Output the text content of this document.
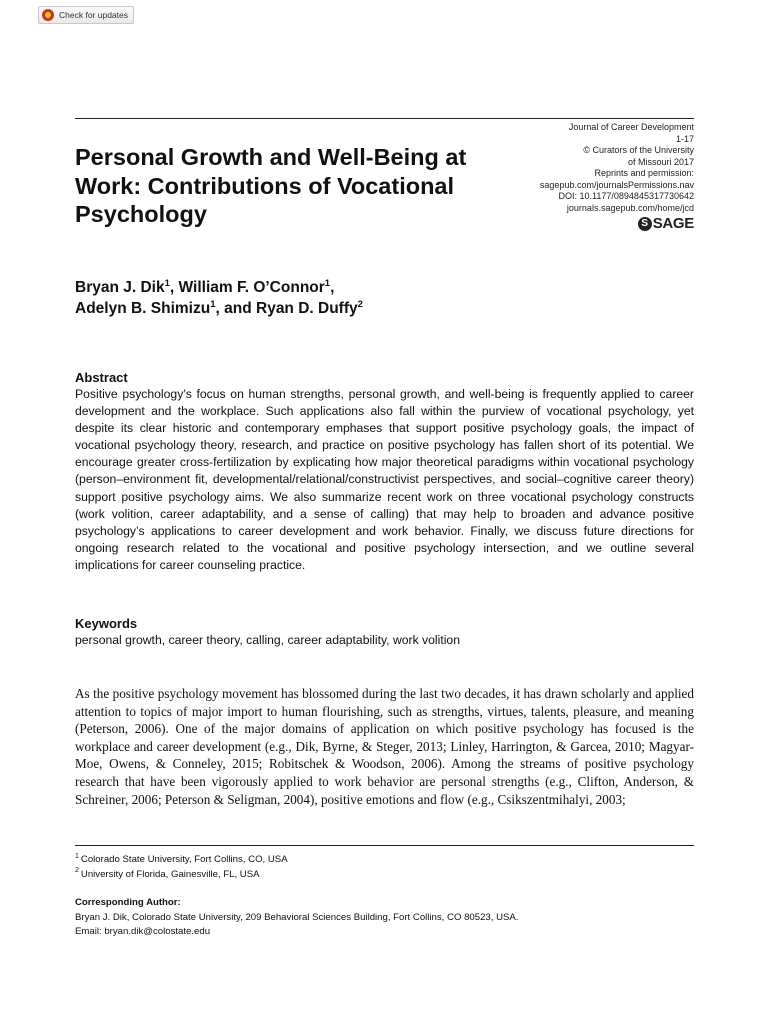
Check for updates
Personal Growth and Well-Being at Work: Contributions of Vocational Psychology
Journal of Career Development
1-17
© Curators of the University
of Missouri 2017
Reprints and permission:
sagepub.com/journalsPermissions.nav
DOI: 10.1177/0894845317730642
journals.sagepub.com/home/jcd
S SAGE
Bryan J. Dik$^1$, William F. O’Connor$^1$,
Adelyn B. Shimizu$^1$, and Ryan D. Duffy$^2$
Abstract

Positive psychology’s focus on human strengths, personal growth, and well-being is frequently applied to career development and the workplace. Such applications also fall within the purview of vocational psychology, yet despite its clear historic and contemporary emphases that support positive psychology goals, the impact of vocational psychology theory, research, and practice on positive psychology has fallen short of its potential. We encourage greater cross-fertilization by explicating how major theoretical paradigms within vocational psychology (person–environment fit, developmental/relational/constructivist perspectives, and social–cognitive career theory) support positive psychology aims. We also summarize recent work on three vocational psychology constructs (work volition, career adaptability, and a sense of calling) that may help to broaden and advance positive psychology’s applications to career development and work behavior. Finally, we discuss future directions for ongoing research related to the vocational and positive psychology intersection, and we outline several implications for career counseling practice.

Keywords

personal growth, career theory, calling, career adaptability, work volition

As the positive psychology movement has blossomed during the last two decades, it has drawn scholarly and applied attention to topics of major import to human flourishing, such as strengths, virtues, talents, pleasure, and meaning (Peterson, 2006). One of the major domains of application on which positive psychology has focused is the workplace and career development (e.g., Dik, Byrne, & Steger, 2013; Linley, Harrington, & Garcea, 2010; Magyar-Moe, Owens, & Conneley, 2015; Robitschek & Woodson, 2006). Among the streams of positive psychology research that have been vigorously applied to work behavior are personal strengths (e.g., Clifton, Anderson, & Schreiner, 2006; Peterson & Seligman, 2004), positive emotions and flow (e.g., Csikszentmihalyi, 2003;

$^1$ Colorado State University, Fort Collins, CO, USA
$^2$ University of Florida, Gainesville, FL, USA
Corresponding Author:
Bryan J. Dik, Colorado State University, 209 Behavioral Sciences Building, Fort Collins, CO 80523, USA.
Email: bryan.dik@colostate.edu
